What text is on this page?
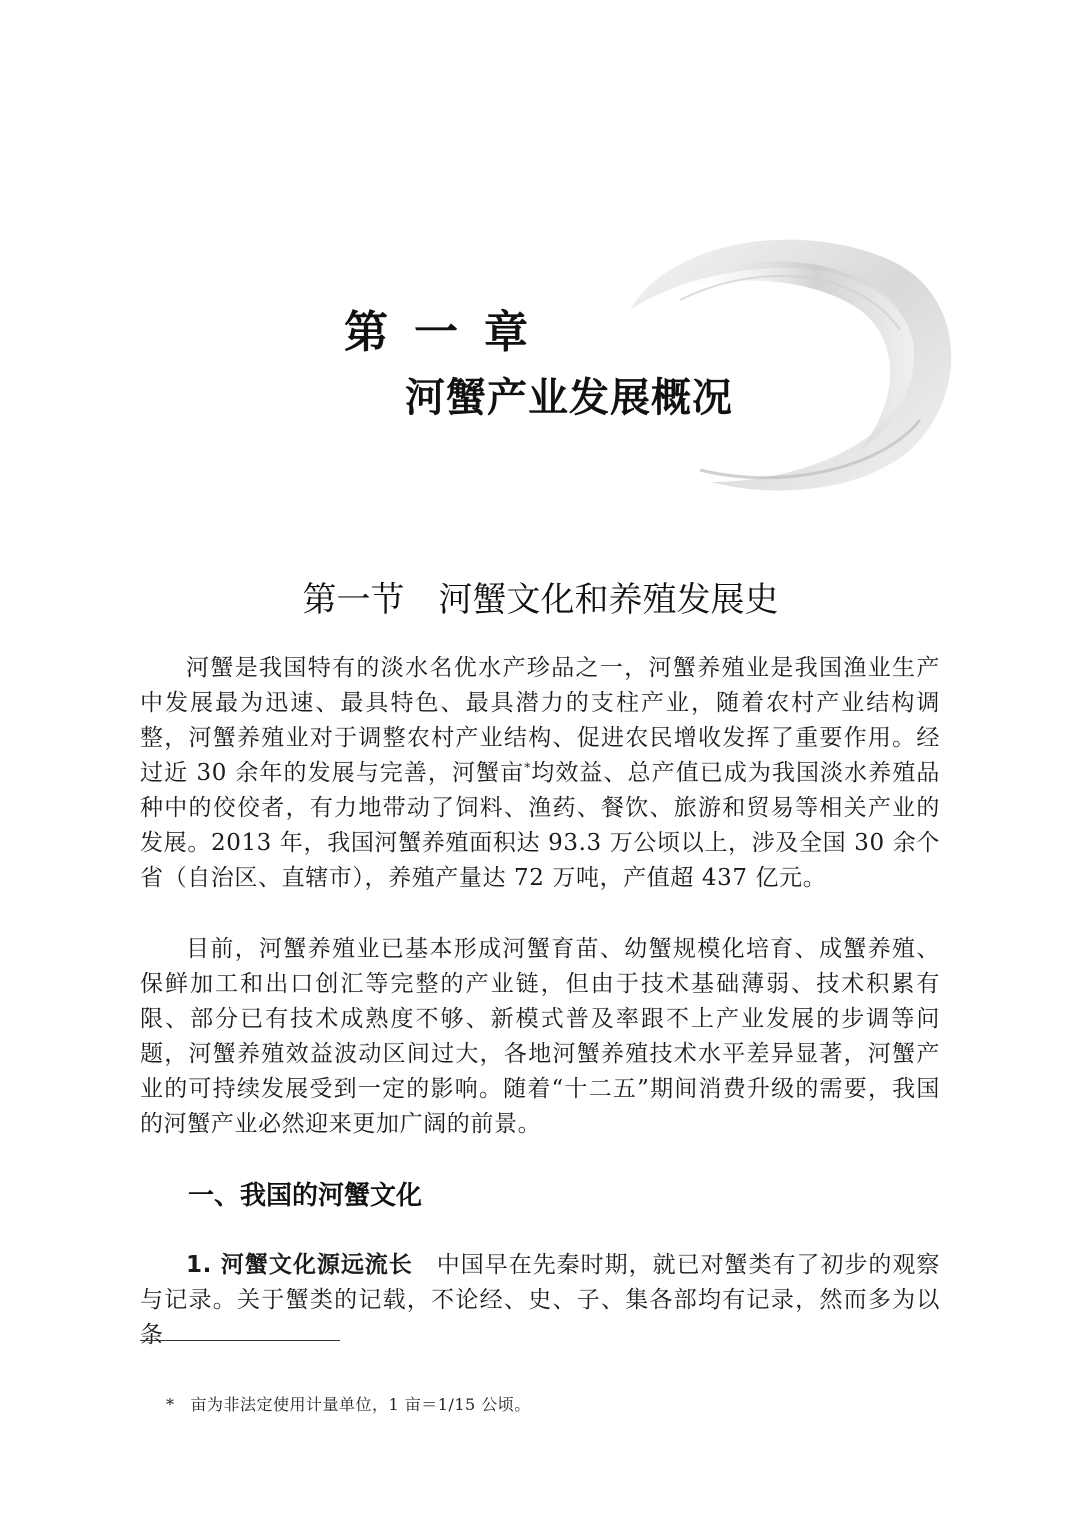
第一章
河蟹产业发展概况
第一节 河蟹文化和养殖发展史

河蟹是我国特有的淡水名优水产珍品之一，河蟹养殖业是我国渔业生产中发展最为迅速、最具特色、最具潜力的支柱产业，随着农村产业结构调整，河蟹养殖业对于调整农村产业结构、促进农民增收发挥了重要作用。经过近 30 余年的发展与完善，河蟹亩*均效益、总产值已成为我国淡水养殖品种中的佼佼者，有力地带动了饲料、渔药、餐饮、旅游和贸易等相关产业的发展。2013 年，我国河蟹养殖面积达 93.3 万公顷以上，涉及全国 30 余个省（自治区、直辖市），养殖产量达 72 万吨，产值超 437 亿元。

目前，河蟹养殖业已基本形成河蟹育苗、幼蟹规模化培育、成蟹养殖、保鲜加工和出口创汇等完整的产业链，但由于技术基础薄弱、技术积累有限、部分已有技术成熟度不够、新模式普及率跟不上产业发展的步调等问题，河蟹养殖效益波动区间过大，各地河蟹养殖技术水平差异显著，河蟹产业的可持续发展受到一定的影响。随着“十二五”期间消费升级的需要，我国的河蟹产业必然迎来更加广阔的前景。

一、我国的河蟹文化

1. 河蟹文化源远流长 中国早在先秦时期，就已对蟹类有了初步的观察与记录。关于蟹类的记载，不论经、史、子、集各部均有记录，然而多为以条

* 亩为非法定使用计量单位，1 亩＝1/15 公顷。
